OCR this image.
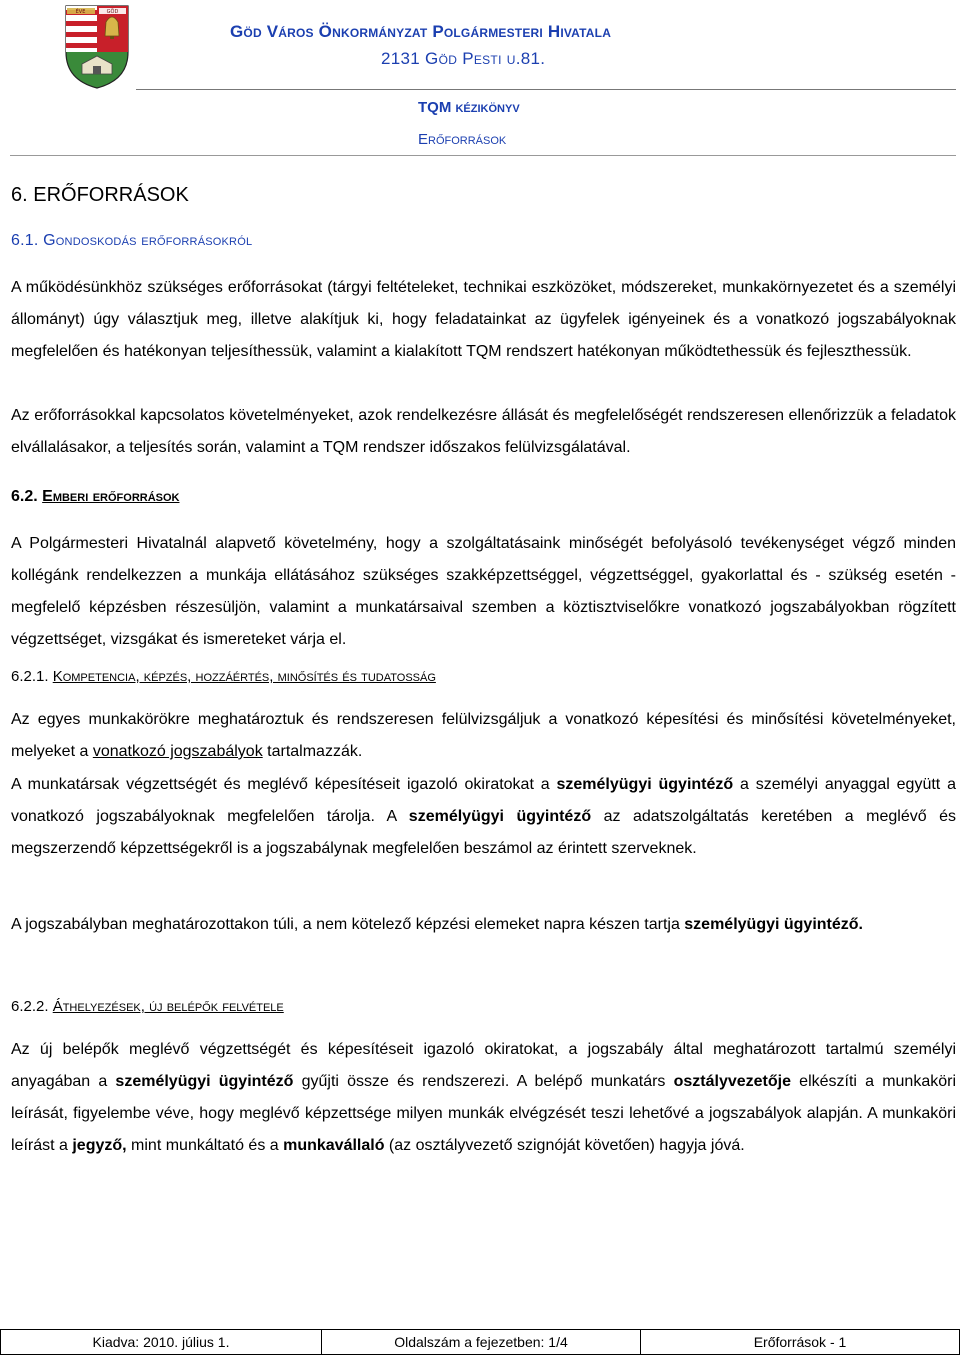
ÉVE	GÖD
Göd Város Önkormányzat Polgármesteri Hivatala
2131 Göd Pesti u.81.
TQM kézikönyv
Erőforrások
6. ERŐFORRÁSOK
6.1. Gondoskodás erőforrásokról

A működésünkhöz szükséges erőforrásokat (tárgyi feltételeket, technikai eszközöket, módszereket, munkakörnyezetet és a személyi állományt) úgy választjuk meg, illetve alakítjuk ki, hogy feladatainkat az ügyfelek igényeinek és a vonatkozó jogszabályoknak megfelelően és hatékonyan teljesíthessük, valamint a kialakított TQM rendszert hatékonyan működtethessük és fejleszthessük.

Az erőforrásokkal kapcsolatos követelményeket, azok rendelkezésre állását és megfelelőségét rendszeresen ellenőrizzük a feladatok elvállalásakor, a teljesítés során, valamint a TQM rendszer időszakos felülvizsgálatával.

6.2. Emberi erőforrások

A Polgármesteri Hivatalnál alapvető követelmény, hogy a szolgáltatásaink minőségét befolyásoló tevékenységet végző minden kollégánk rendelkezzen a munkája ellátásához szükséges szakképzettséggel, végzettséggel, gyakorlattal és - szükség esetén - megfelelő képzésben részesüljön, valamint a munkatársaival szemben a köztisztviselőkre vonatkozó jogszabályokban rögzített végzettséget, vizsgákat és ismereteket várja el.

6.2.1. Kompetencia, képzés, hozzáértés, minősítés és tudatosság

Az egyes munkakörökre meghatároztuk és rendszeresen felülvizsgáljuk a vonatkozó képesítési és minősítési követelményeket, melyeket a vonatkozó jogszabályok tartalmazzák.

A munkatársak végzettségét és meglévő képesítéseit igazoló okiratokat a személyügyi ügyintéző a személyi anyaggal együtt a vonatkozó jogszabályoknak megfelelően tárolja. A személyügyi ügyintéző az adatszolgáltatás keretében a meglévő és megszerzendő képzettségekről is a jogszabálynak megfelelően beszámol az érintett szerveknek.

A jogszabályban meghatározottakon túli, a nem kötelező képzési elemeket napra készen tartja személyügyi ügyintéző.

6.2.2. Áthelyezések, új belépők felvétele

Az új belépők meglévő végzettségét és képesítéseit igazoló okiratokat, a jogszabály által meghatározott tartalmú személyi anyagában a személyügyi ügyintéző gyűjti össze és rendszerezi. A belépő munkatárs osztályvezetője elkészíti a munkaköri leírását, figyelembe véve, hogy meglévő képzettsége milyen munkák elvégzését teszi lehetővé a jogszabályok alapján. A munkaköri leírást a jegyző, mint munkáltató és a munkavállaló (az osztályvezető szignóját követően) hagyja jóvá.

Kiadva: 2010. július 1.	Oldalszám a fejezetben: 1/4	Erőforrások - 1
